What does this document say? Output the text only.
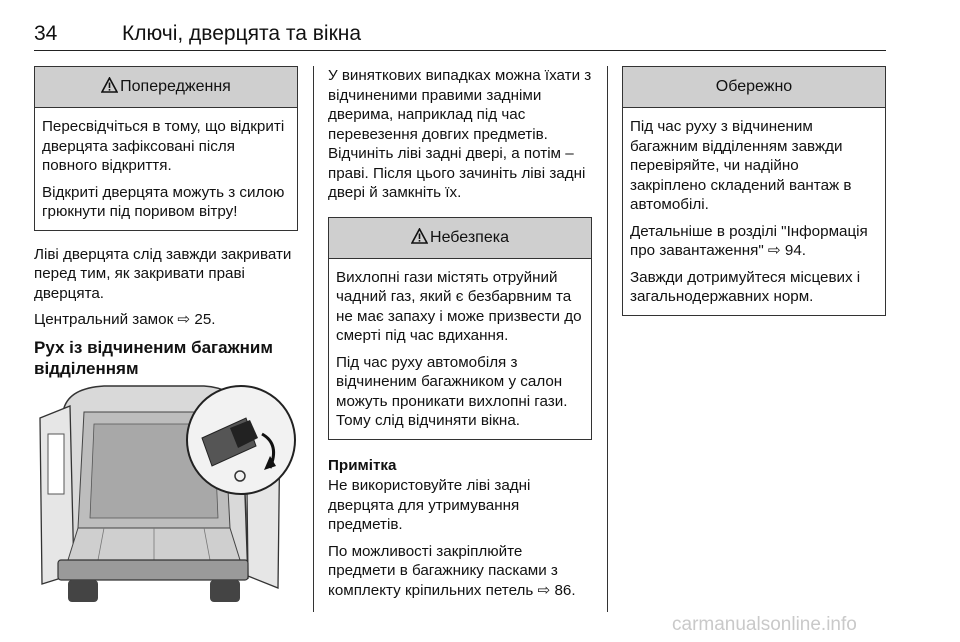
34	Ключі, дверцята та вікна
Попередження

Пересвідчіться в тому, що відкриті дверцята зафіксовані після повного відкриття.

Відкриті дверцята можуть з силою грюкнути під поривом вітру!

Ліві дверцята слід завжди закривати перед тим, як закривати праві дверцята.

Центральний замок ⇨ 25.

Рух із відчиненим багажним відділенням

У виняткових випадках можна їхати з відчиненими правими задніми дверима, наприклад під час перевезення довгих предметів. Відчиніть ліві задні двері, а потім – праві. Після цього зачиніть ліві задні двері й замкніть їх.

Небезпека

Вихлопні гази містять отруйний чадний газ, який є безбарвним та не має запаху і може призвести до смерті під час вдихання.

Під час руху автомобіля з відчиненим багажником у салон можуть проникати вихлопні гази. Тому слід відчиняти вікна.

Примітка

Не використовуйте ліві задні дверцята для утримування предметів.

По можливості закріплюйте предмети в багажнику пасками з комплекту кріпильних петель ⇨ 86.

Обережно

Під час руху з відчиненим багажним відділенням завжди перевіряйте, чи надійно закріплено складений вантаж в автомобілі.

Детальніше в розділі "Інформація про завантаження" ⇨ 94.

Завжди дотримуйтеся місцевих і загальнодержавних норм.

carmanualsonline.info
